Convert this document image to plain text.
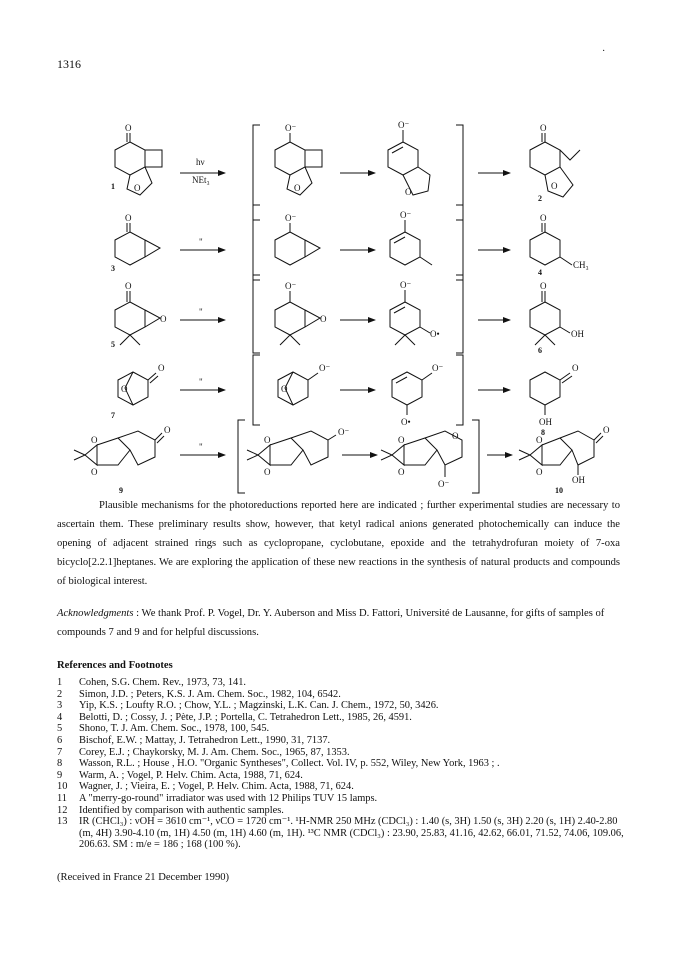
1316
·
O
O
O⁻
O
O⁻
O
O
O
O	O⁻	O⁻	O
CH₃
O
O
O⁻
O
O⁻
O•
O
OH
O
O
O⁻
O
O⁻
O•
O
OH
O
O
O
O⁻
O
O
O
O
O
O⁻
O
O
O
OH
hν
NEt₃
"
"
"
"
1
2
3	4
5
6
7
8
9	10
Plausible mechanisms for the photoreductions reported here are indicated ; further experimental studies are necessary to ascertain them. These preliminary results show, however, that ketyl radical anions generated photochemically can induce the opening of adjacent strained rings such as cyclopropane, cyclobutane, epoxide and the tetrahydrofuran moiety of 7-oxa bicyclo[2.2.1]heptanes. We are exploring the application of these new reactions in the synthesis of natural products and compounds of biological interest.
Acknowledgments : We thank Prof. P. Vogel, Dr. Y. Auberson and Miss D. Fattori, Université de Lausanne, for gifts of samples of compounds 7 and 9 and for helpful discussions.
References and Footnotes
1	Cohen, S.G. Chem. Rev., 1973, 73, 141.
2	Simon, J.D. ; Peters, K.S. J. Am. Chem. Soc., 1982, 104, 6542.
3	Yip, K.S. ; Loufty R.O. ; Chow, Y.L. ; Magzinski, L.K. Can. J. Chem., 1972, 50, 3426.
4	Belotti, D. ; Cossy, J. ; Pète, J.P. ; Portella, C. Tetrahedron Lett., 1985, 26, 4591.
5	Shono, T. J. Am. Chem. Soc., 1978, 100, 545.
6	Bischof, E.W. ; Mattay, J. Tetrahedron Lett., 1990, 31, 7137.
7	Corey, E.J. ; Chaykorsky, M. J. Am. Chem. Soc., 1965, 87, 1353.
8	Wasson, R.L. ; House , H.O. "Organic Syntheses", Collect. Vol. IV, p. 552, Wiley, New York, 1963 ; .
9	Warm, A. ; Vogel, P. Helv. Chim. Acta, 1988, 71, 624.
10	Wagner, J. ; Vieira, E. ; Vogel, P. Helv. Chim. Acta, 1988, 71, 624.
11	A "merry-go-round" irradiator was used with 12 Philips TUV 15 lamps.
12	Identified by comparison with authentic samples.
13	IR (CHCl₃) : νOH = 3610 cm⁻¹, νCO = 1720 cm⁻¹. ¹H-NMR 250 MHz (CDCl₃) : 1.40 (s, 3H) 1.50 (s, 3H) 2.20 (s, 1H) 2.40-2.80 (m, 4H) 3.90-4.10 (m, 1H) 4.50 (m, 1H) 4.60 (m, 1H). ¹³C NMR (CDCl₃) : 23.90, 25.83, 41.16, 42.62, 66.01, 71.52, 74.06, 109.06, 206.63. SM : m/e = 186 ; 168 (100 %).
(Received in France 21 December 1990)
